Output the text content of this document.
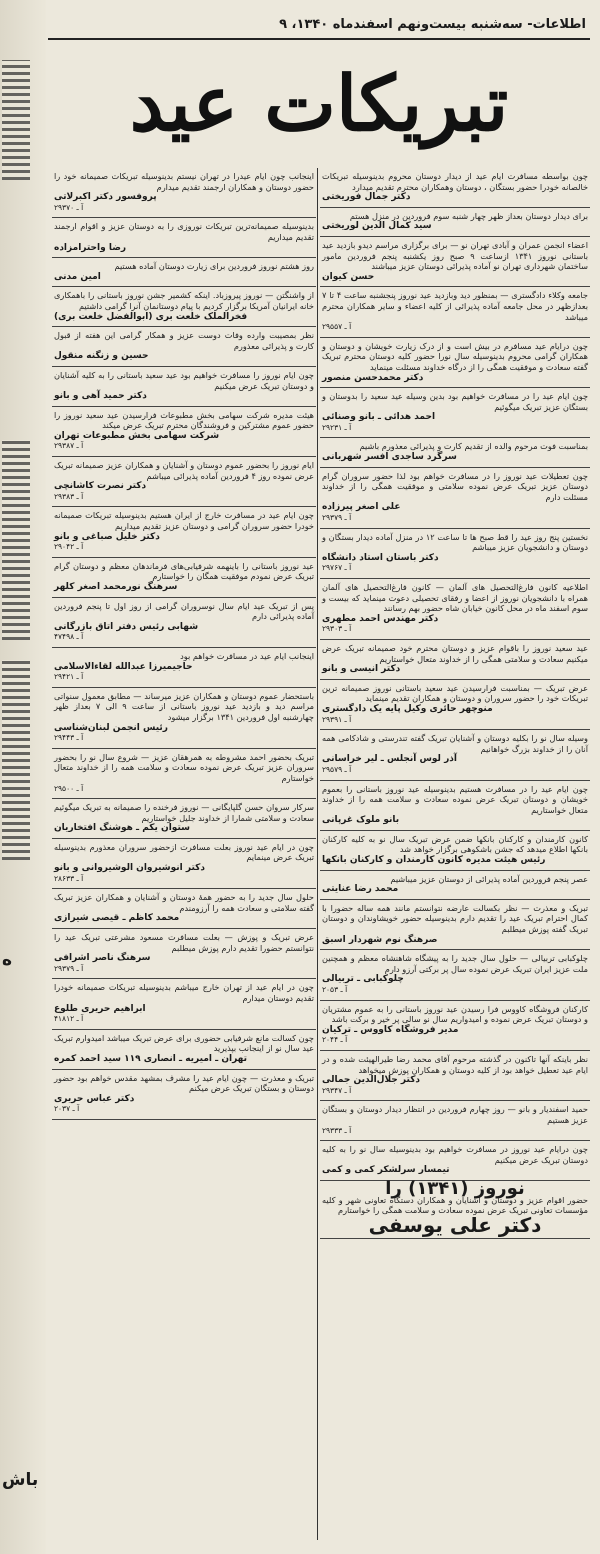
ه
باش
اطلاعات- سه‌شنبه بیست‌و‌نهم اسفندماه ۱۳۴۰، ۹
تبریکات عید
چون بواسطه مسافرت ایام عید از دیدار دوستان محروم بدینوسیله تبریکات خالصانه خودرا حضور بستگان ، دوستان وهمکاران محترم تقدیم میدارد
دکتر جمال فوریختی
برای دیدار دوستان بعداز ظهر چهار شنبه سوم فروردین در منزل هستم
سید کمال الدین لوریختی
اعضاء انجمن عمران و آبادی تهران نو — برای برگزاری مراسم دیدو بازدید عید باستانی نوروز ۱۳۴۱ ازساعت ۹ صبح روز یکشنبه پنجم فروردین مامور ساختمان شهرداری تهران نو آماده پذیرائی دوستان عزیز میباشند
حسن کیوان
جامعه وکلاء دادگستری — بمنظور دید وبازدید عید نوروز پنجشنبه ساعت ۴ تا ۷ بعدازظهر در محل جامعه آماده پذیرائی از کلیه اعضاء و سایر همکاران محترم میباشد
آ ـ ۲۹۵۵۷
چون درایام عید مسافرم در بیش است و از درک زیارت خویشان و دوستان و همکاران گرامی محروم بدینوسیله سال نورا حضور کلیه دوستان محترم تبریک گفته سعادت و موفقیت همگی را از درگاه خداوند مسئلت مینماید
دکتر محمدحسن منصور
چون ایام عید را در مسافرت خواهیم بود بدین وسیله عید سعید را بدوستان و بستگان عزیز تبریک میگوئیم
احمد هدائی ـ بانو وصنائی
آ ـ ۲۹۲۳۱
بمناسبت فوت مرحوم والده از تقدیم کارت و پذیرائی معذورم باشیم
سرگرد ساجدی افسر شهربانی
چون تعطیلات عید نوروز را در مسافرت خواهم بود لذا حضور سروران گرام دوستان عزیز تبریک عرض نموده سلامتی و موفقیت همگی را از خداوند مسئلت دارم
علی اصغر پیرزاده
آ ـ ۲۹۳۷۹
نخستین پنج روز عید را قط صبح ها تا ساعت ۱۲ در منزل آماده دیدار بستگان و دوستان و دانشجویان عزیز میباشم
دکتر باستان استاد دانشگاه
آ ـ ۲۹۷۶۷
اطلاعیه کانون فارغ‌التحصیل های آلمان — کانون فارغ‌التحصیل های آلمان همراه با دانشجویان نوروز از اعضا و رفقای تحصیلی دعوت مینماید که بیست و سوم اسفند ماه در محل کانون خیابان شاه حضور بهم رسانند
دکتر مهندس احمد مطهری
آ ـ ۲۹۳۰۳
عید سعید نوروز را باقوام عزیز و دوستان محترم خود صمیمانه تبریک عرض میکنیم سعادت و سلامتی همگی را از خداوند متعال خواستاریم
دکتر انیسی و بانو
عرض تبریک — بمناسبت فرارسیدن عید سعید باستانی نوروز صمیمانه ترین تبریکات خود را حضور سروران و دوستان و همکاران تقدیم مینماید
منوچهر حائری وکیل پایه یک دادگستری
آ ـ ۲۹۳۹۱
وسیله سال نو را بکلیه دوستان و آشنایان تبریک گفته تندرستی و شادکامی همه آنان را از خداوند بزرگ خواهانیم
آذر لوس آنجلس ـ لیر خراسانی
آ ـ ۲۹۵۷۹
چون ایام عید را در مسافرت هستیم بدینوسیله عید نوروز باستانی را بعموم خویشان و دوستان تبریک عرض نموده سعادت و سلامت همه را از خداوند متعال خواستاریم
بانو ملوک غرپانی
کانون کارمندان و کارکنان بانکها ضمن عرض تبریک سال نو به کلیه کارکنان بانکها اطلاع میدهد که جشن باشکوهی برگزار خواهد شد
رئیس هیئت مدیره کانون کارمندان و کارکنان بانکها
عصر پنجم فروردین آماده پذیرائی از دوستان عزیز میباشیم
محمد رضا عنایتی
تبریک و معذرت — نظر بکسالت عارضه نتوانستم مانند همه ساله حضورا با کمال احترام تبریک عید را تقدیم دارم بدینوسیله حضور خویشاوندان و دوستان تبریک گفته پوزش میطلبم
صرهنگ نوم شهردار اسبق
چلوکبابی تربیالی — حلول سال جدید را به پیشگاه شاهنشاه معظم و همچنین ملت عزیز ایران تبریک عرض نموده سال پر برکتی آرزو دارم
چلوکبابی ـ تربیالی
آ ـ ۲۰۵۳
کارکنان فروشگاه کاووس فرا رسیدن عید نوروز باستانی را به عموم مشتریان و دوستان تبریک عرض نموده و امیدواریم سال نو سالی پر خیر و برکت باشد
مدیر فروشگاه کاووس ـ ترکیان
آ ـ ۲۰۴۴
نظر باینکه آنها تاکنون در گذشته مرحوم آقای محمد رضا طیرالهیئت شده و در ایام عید تعطیل خواهد بود از کلیه دوستان و همکاران پوزش میخواهد
دکتر جلال‌الدین جمالی
آ ـ ۲۹۳۴۷
حمید اسفندیار و بانو — روز چهارم فروردین در انتظار دیدار دوستان و بستگان عزیز هستیم
آ ـ ۲۹۳۳۳
چون درایام عید نوروز در مسافرت خواهیم بود بدینوسیله سال نو را به کلیه دوستان تبریک عرض میکنیم
تیمسار سرلشکر کمی و کمی
نوروز (۱۳۴۱) را
حضور اقوام عزیز و دوستان و آشنایان و همکاران دستگاه تعاونی شهر و کلیه مؤسسات تعاونی تبریک عرض نموده سعادت و سلامت همگی را خواستارم
دکتر علی یوسفی
اینجانب چون ایام عیدرا در تهران نیستم بدینوسیله تبریکات صمیمانه خود را حضور دوستان و همکاران ارجمند تقدیم میدارم
پروفسور دکتر اکبرلاتی
آ ـ ۲۹۳۷۰
بدینوسیله صمیمانه‌ترین تبریکات نوروزی را به دوستان عزیز و اقوام ارجمند تقدیم میداریم
رضا واحترامزاده
روز هشتم نوروز فروردین برای زیارت دوستان آماده هستیم
امین مدنی
از واشنگتن — نوروز پیروزباد. اینکه کشمیر جشن نوروز باستانی را باهمکاری خانه ایرانیان آمریکا برگزار کردیم با پیام دوستانمان آنرا گرامی داشتیم
فخرالملک خلعت بری (ابوالفضل خلعت بری)
نظر بمصیبت وارده وفات دوست عزیز و همکار گرامی این هفته از قبول کارت و پذیرائی معذورم
حسین و زنگنه منقول
چون ایام نوروز را مسافرت خواهیم بود عید سعید باستانی را به کلیه آشنایان و دوستان تبریک عرض میکنیم
دکتر حمید آهی و بانو
هیئت مدیره شرکت سهامی بخش مطبوعات فرارسیدن عید سعید نوروز را حضور عموم مشترکین و فروشندگان محترم تبریک عرض میکند
شرکت سهامی بخش مطبوعات تهران
آ ـ ۲۹۳۸۷
ایام نوروز را بحضور عموم دوستان و آشنایان و همکاران عزیز صمیمانه تبریک عرض نموده روز ۴ فروردین آماده پذیرائی میباشم
دکتر نصرت کاشانچی
آ ـ ۲۹۳۸۳
چون ایام عید در مسافرت خارج از ایران هستیم بدینوسیله تبریکات صمیمانه خودرا حضور سروران گرامی و دوستان عزیز تقدیم میداریم
دکتر خلیل صباغی و بانو
آ ـ ۲۹۰۴۲
عید نوروز باستانی را باینهمه شرفیابی‌های فرماندهان معظم و دوستان گرام تبریک عرض نمودم موفقیت همگان را خواستارم
سرهنگ نورمحمد اصغر کلهر
پس از تبریک عید ایام سال نوسروران گرامی از روز اول تا پنجم فروردین آماده پذیرائی دارم
شهابی رئیس دفتر اتاق بازرگانی
آ ـ ۴۷۴۹۸
اینجانب ایام عید در مسافرت خواهم بود
حاجیمیرزا عبدالله لقاءالاسلامی
آ ـ ۲۹۴۲۱
باستحضار عموم دوستان و همکاران عزیز میرساند — مطابق معمول سنواتی مراسم دید و بازدید عید نوروز باستانی از ساعت ۹ الی ۷ بعداز ظهر چهارشنبه اول فروردین ۱۳۴۱ برگزار میشود
رئیس انجمن لبنان‌شناسی
آ ـ ۲۹۴۴۳
تبریک بحضور احمد مشروطه به همرهقان عزیز — شروع سال نو را بحضور سروران عزیز تبریک عرض نموده سعادت و سلامت همه را از خداوند متعال خواستارم
آ ـ ۲۹۵۰۰
سرکار سروان حسن گلپایگانی — نوروز فرخنده را صمیمانه به تبریک میگوئیم سعادت و سلامتی شمارا از خداوند جلیل خواستاریم
ستوان یکم ـ هوشنگ افتخاریان
چون در ایام عید نوروز بعلت مسافرت ازحضور سروران معذورم بدینوسیله تبریک عرض مینمایم
دکتر انوشیروان الوشیروانی و بانو
آ ـ ۲۸۶۳۳
حلول سال جدید را به حضور همهٔ دوستان و آشنایان و همکاران عزیز تبریک گفته سلامتی و سعادت همه را آرزومندم
محمد کاظم ـ قیصی شیرازی
عرض تبریک و پوزش — بعلت مسافرت مسعود مشرعتی تبریک عید را نتوانستم حضورا تقدیم دارم پوزش میطلبم
سرهنگ ناصر اشرافی
آ ـ ۲۹۳۷۹
چون در ایام عید از تهران خارج میباشم بدینوسیله تبریکات صمیمانه خودرا تقدیم دوستان میدارم
ابراهیم حریری طلوع
آ ـ ۴۱۸۱۲
چون کسالت مانع شرفیابی حضوری برای عرض تبریک میباشد امیدوارم تبریک عید سال نو از اینجانب بپذیرید
تهران ـ امیریه ـ انصاری ۱۱۹ سید احمد کمره
تبریک و معذرت — چون ایام عید را مشرف بمشهد مقدس خواهم بود حضور دوستان و بستگان تبریک عرض میکنم
دکتر عباس حریری
آ ـ ۲۰۳۷
